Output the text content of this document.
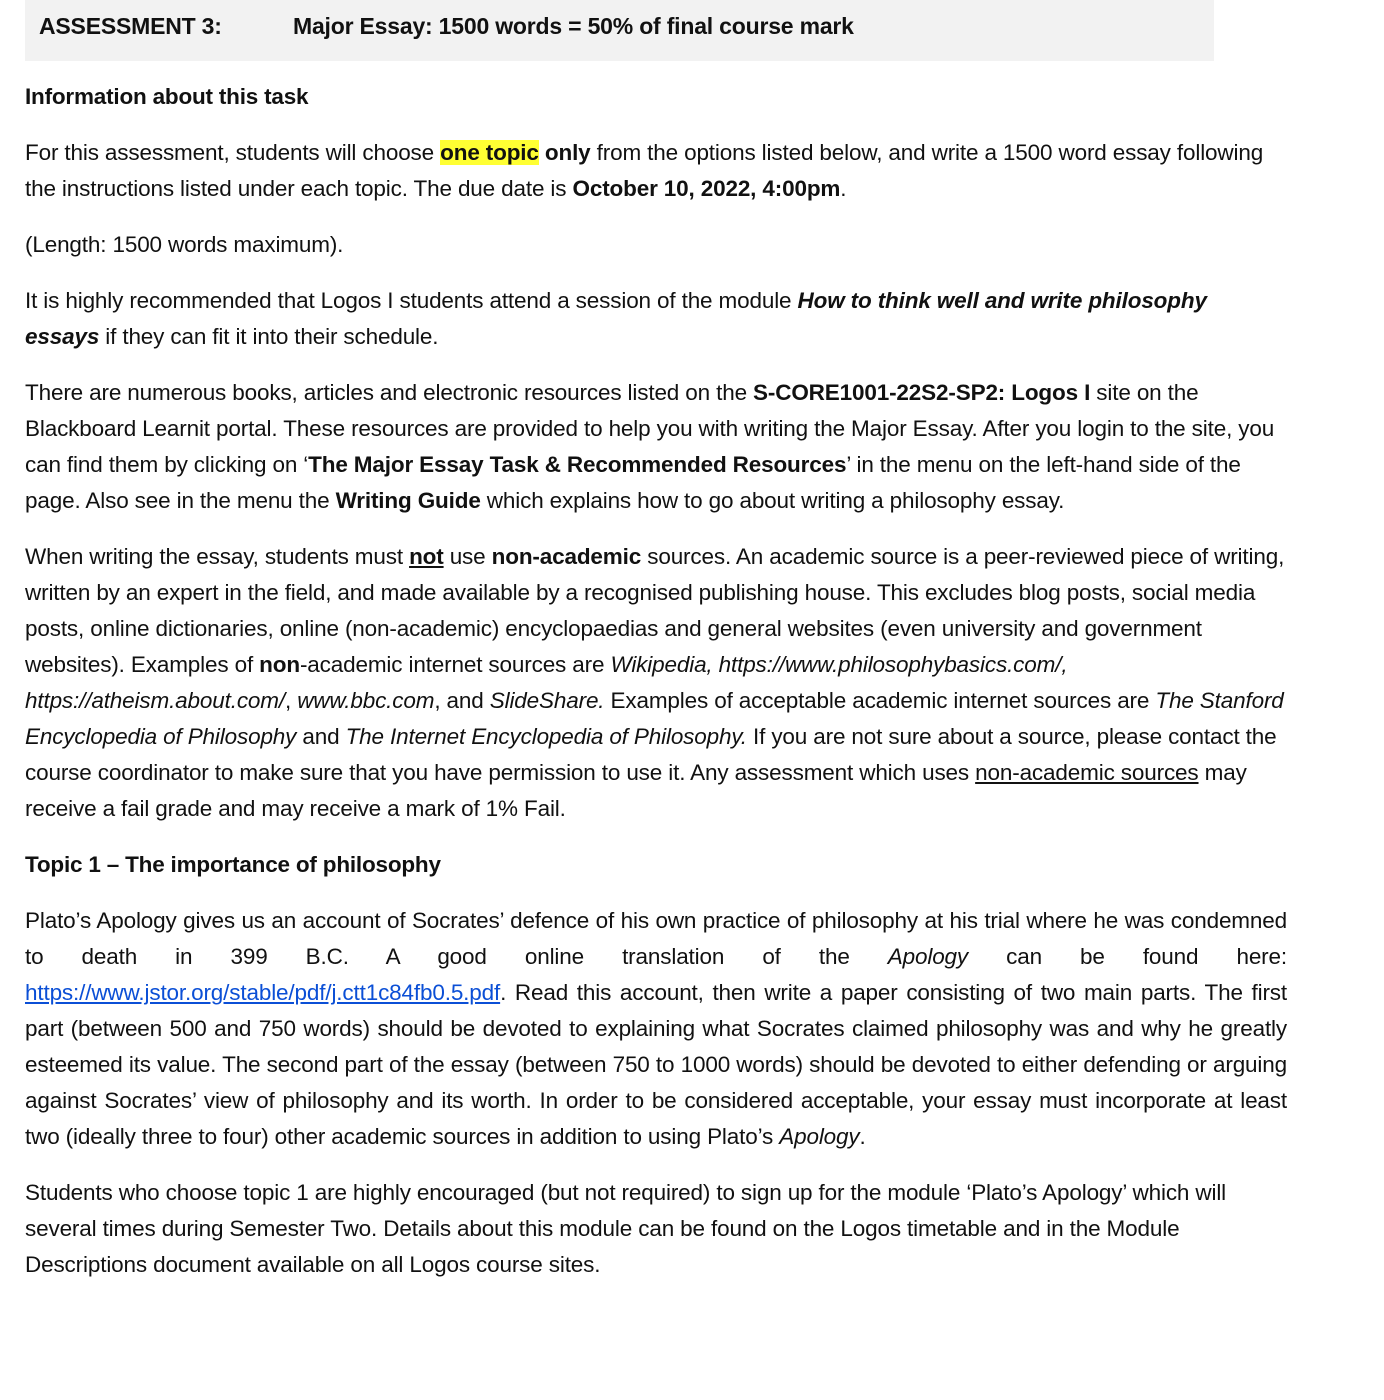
ASSESSMENT 3:	Major Essay: 1500 words = 50% of final course mark
Information about this task

For this assessment, students will choose one topic only from the options listed below, and write a 1500 word essay following the instructions listed under each topic. The due date is October 10, 2022, 4:00pm.

(Length: 1500 words maximum).

It is highly recommended that Logos I students attend a session of the module How to think well and write philosophy essays if they can fit it into their schedule.

There are numerous books, articles and electronic resources listed on the S-CORE1001-22S2-SP2: Logos I site on the Blackboard Learnit portal. These resources are provided to help you with writing the Major Essay. After you login to the site, you can find them by clicking on ‘The Major Essay Task & Recommended Resources’ in the menu on the left-hand side of the page. Also see in the menu the Writing Guide which explains how to go about writing a philosophy essay.

When writing the essay, students must not use non-academic sources. An academic source is a peer-reviewed piece of writing, written by an expert in the field, and made available by a recognised publishing house. This excludes blog posts, social media posts, online dictionaries, online (non-academic) encyclopaedias and general websites (even university and government websites). Examples of non-academic internet sources are Wikipedia, https://www.philosophybasics.com/, https://atheism.about.com/, www.bbc.com, and SlideShare. Examples of acceptable academic internet sources are The Stanford Encyclopedia of Philosophy and The Internet Encyclopedia of Philosophy. If you are not sure about a source, please contact the course coordinator to make sure that you have permission to use it. Any assessment which uses non-academic sources may receive a fail grade and may receive a mark of 1% Fail.

Topic 1 – The importance of philosophy

Plato’s Apology gives us an account of Socrates’ defence of his own practice of philosophy at his trial where he was condemned to death in 399 B.C. A good online translation of the Apology can be found here: https://www.jstor.org/stable/pdf/j.ctt1c84fb0.5.pdf. Read this account, then write a paper consisting of two main parts. The first part (between 500 and 750 words) should be devoted to explaining what Socrates claimed philosophy was and why he greatly esteemed its value. The second part of the essay (between 750 to 1000 words) should be devoted to either defending or arguing against Socrates’ view of philosophy and its worth. In order to be considered acceptable, your essay must incorporate at least two (ideally three to four) other academic sources in addition to using Plato’s Apology.

Students who choose topic 1 are highly encouraged (but not required) to sign up for the module ‘Plato’s Apology’ which will several times during Semester Two. Details about this module can be found on the Logos timetable and in the Module Descriptions document available on all Logos course sites.
